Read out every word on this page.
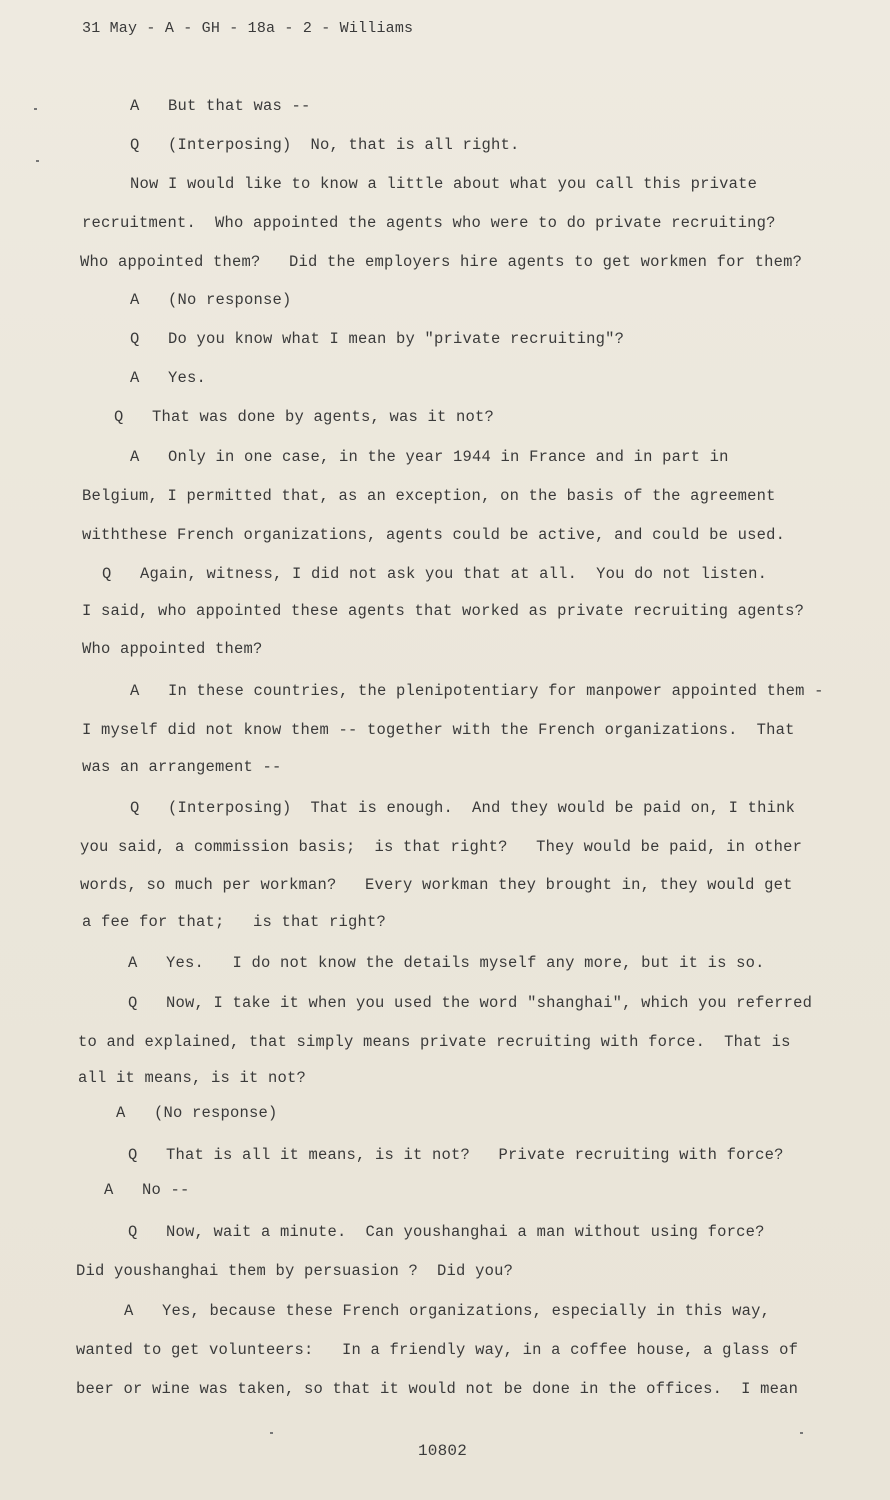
31 May - A - GH - 18a - 2 - Williams
A   But that was --
Q   (Interposing)  No, that is all right.
Now I would like to know a little about what you call this private
recruitment.  Who appointed the agents who were to do private recruiting?
Who appointed them?   Did the employers hire agents to get workmen for them?
A   (No response)
Q   Do you know what I mean by "private recruiting"?
A   Yes.
Q   That was done by agents, was it not?
A   Only in one case, in the year 1944 in France and in part in
Belgium, I permitted that, as an exception, on the basis of the agreement
withthese French organizations, agents could be active, and could be used.
Q   Again, witness, I did not ask you that at all.  You do not listen.
I said, who appointed these agents that worked as private recruiting agents?
Who appointed them?
A   In these countries, the plenipotentiary for manpower appointed them -
I myself did not know them -- together with the French organizations.  That
was an arrangement --
Q   (Interposing)  That is enough.  And they would be paid on, I think
you said, a commission basis;  is that right?   They would be paid, in other
words, so much per workman?   Every workman they brought in, they would get
a fee for that;   is that right?
A   Yes.   I do not know the details myself any more, but it is so.
Q   Now, I take it when you used the word "shanghai", which you referred
to and explained, that simply means private recruiting with force.  That is
all it means, is it not?
A   (No response)
Q   That is all it means, is it not?   Private recruiting with force?
A   No --
Q   Now, wait a minute.  Can youshanghai a man without using force?
Did youshanghai them by persuasion ?  Did you?
A   Yes, because these French organizations, especially in this way,
wanted to get volunteers:   In a friendly way, in a coffee house, a glass of
beer or wine was taken, so that it would not be done in the offices.  I mean
10802
